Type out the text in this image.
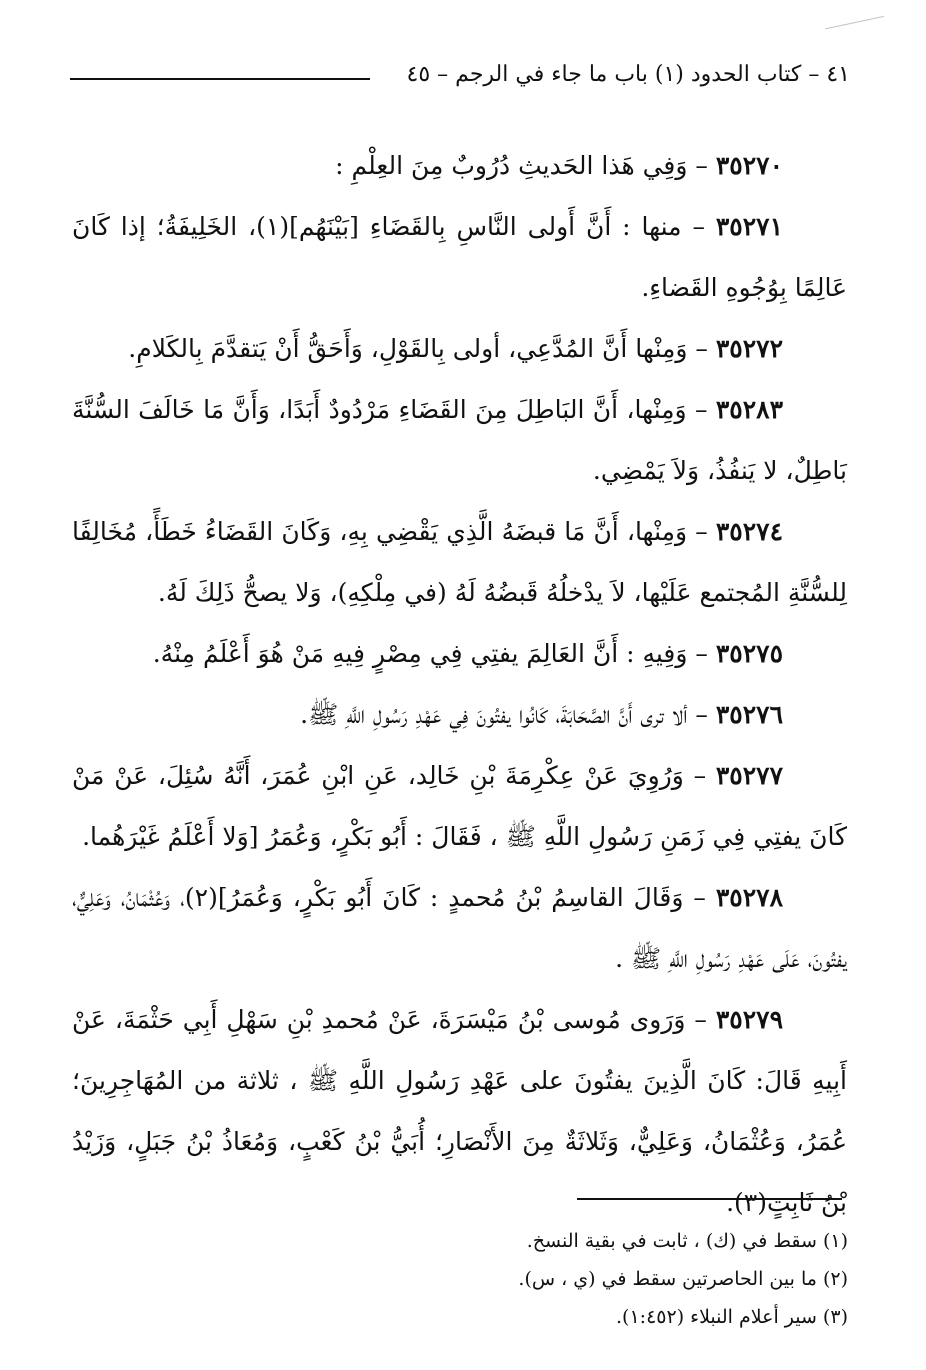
٤١ – كتاب الحدود (١) باب ما جاء في الرجم – ٤٥

٣٥٢٧٠ – وَفِي هَذا الحَديثِ دُرُوبٌ مِنَ العِلْمِ :

٣٥٢٧١ – منها : أَنَّ أَولى النَّاسِ بِالقَضَاءِ [بَيْنَهُم](١)، الخَلِيفَةُ؛ إذا كَانَ عَالِمًا بِوُجُوهِ القَضاءِ.

٣٥٢٧٢ – وَمِنْها أَنَّ المُدَّعِي، أولى بِالقَوْلِ، وَأَحَقُّ أَنْ يَتقدَّمَ بِالكَلامِ.

٣٥٢٨٣ – وَمِنْها، أَنَّ البَاطِلَ مِنَ القَضَاءِ مَرْدُودٌ أَبَدًا، وَأَنَّ مَا خَالَفَ السُّنَّةَ بَاطِلٌ، لا يَنفُذُ، وَلاَ يَمْضِي.

٣٥٢٧٤ – وَمِنْها، أَنَّ مَا قبضَهُ الَّذِي يَقْضِي بِهِ، وَكَانَ القَضَاءُ خَطَأً، مُخَالِفًا لِلسُّنَّةِ المُجتمع عَلَيْها، لاَ يدْخلُهُ قَبضُهُ لَهُ (في مِلْكِهِ)، وَلا يصحُّ ذَلِكَ لَهُ.

٣٥٢٧٥ – وَفِيهِ : أَنَّ العَالِمَ يفتِي فِي مِصْرٍ فِيهِ مَنْ هُوَ أَعْلَمُ مِنْهُ.

٣٥٢٧٦ – ألا ترى أَنَّ الصَّحَابَةَ، كَانُوا يفتُونَ فِي عَهْدِ رَسُولِ اللَّهِ ﷺ.

٣٥٢٧٧ – وَرُوِيَ عَنْ عِكْرِمَةَ بْنِ خَالِد، عَنِ ابْنِ عُمَرَ، أَنَّهُ سُئِلَ، عَنْ مَنْ كَانَ يفتِي فِي زَمَنِ رَسُولِ اللَّهِ ﷺ ، فَقَالَ : أَبُو بَكْرٍ، وَعُمَرُ [وَلا أَعْلَمُ غَيْرَهُما.

٣٥٢٧٨ – وَقَالَ القاسِمُ بْنُ مُحمدٍ : كَانَ أَبُو بَكْرٍ، وَعُمَرُ](٢)، وَعُثْمَانُ، وَعَلِيٌّ، يفتُونَ، عَلَى عَهْدِ رَسُولِ اللَّهِ ﷺ .

٣٥٢٧٩ – وَرَوى مُوسى بْنُ مَيْسَرَةَ، عَنْ مُحمدِ بْنِ سَهْلِ أَبِي حَثْمَةَ، عَنْ أَبِيهِ قَالَ: كَانَ الَّذِينَ يفتُونَ على عَهْدِ رَسُولِ اللَّهِ ﷺ ، ثلاثة من المُهَاجِرِينَ؛ عُمَرُ، وَعُثْمَانُ، وَعَلِيٌّ، وَثَلاثَةٌ مِنَ الأَنْصَارِ؛ أُبَيُّ بْنُ كَعْبٍ، وَمُعَاذُ بْنُ جَبَلٍ، وَزَيْدُ بْنُ ثَابِتٍ(٣).

(١) سقط في (ك) ، ثابت في بقية النسخ.

(٢) ما بين الحاصرتين سقط في (ي ، س).

(٣) سير أعلام النبلاء (١:٤٥٢).
